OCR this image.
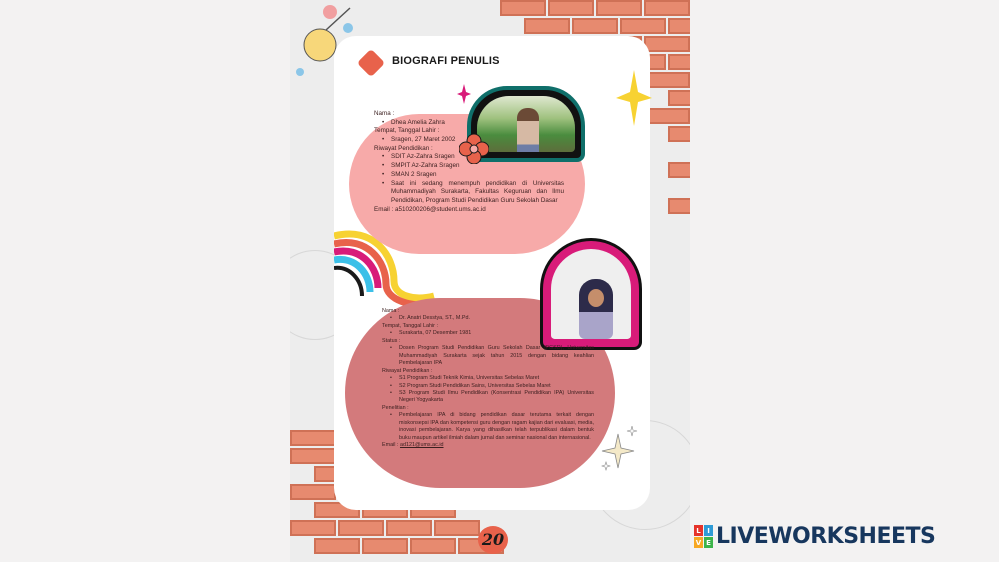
BIOGRAFI PENULIS
Nama :
• Dhea Amelia Zahra
Tempat, Tanggal Lahir :
• Sragen, 27 Maret 2002
Riwayat Pendidikan :
• SDIT Az-Zahra Sragen
• SMPIT Az-Zahra Sragen
• SMAN 2 Sragen
• Saat ini sedang menempuh pendidikan di Universitas Muhammadiyah Surakarta, Fakultas Keguruan dan Ilmu Pendidikan, Program Studi Pendidikan Guru Sekolah Dasar
Email : a510200206@student.ums.ac.id
Nama :
• Dr. Anatri Desstya, ST., M.Pd.
Tempat, Tanggal Lahir :
• Surakarta, 07 Desember 1981
Status :
• Dosen Program Studi Pendidikan Guru Sekolah Dasar (PGSD), Universitas Muhammadiyah Surakarta sejak tahun 2015 dengan bidang keahlian Pembelajaran IPA
Riwayat Pendidikan :
• S1 Program Studi Teknik Kimia, Universitas Sebelas Maret
• S2 Program Studi Pendidikan Sains, Universitas Sebelas Maret
• S3 Program Studi Ilmu Pendidikan (Konsentrasi Pendidikan IPA) Universitas Negeri Yogyakarta
Penelitian :
• Pembelajaran IPA di bidang pendidikan dasar terutama terkait dengan miskonsepsi IPA dan kompetensi guru dengan ragam kajian dari evaluasi, media, inovasi pembelajaran. Karya yang dihasilkan telah terpublikasi dalam bentuk buku maupun artikel ilmiah dalam jurnal dan seminar nasional dan internasional.
Email : ad121@ums.ac.id
20	L I
V E LIVEWORKSHEETS
